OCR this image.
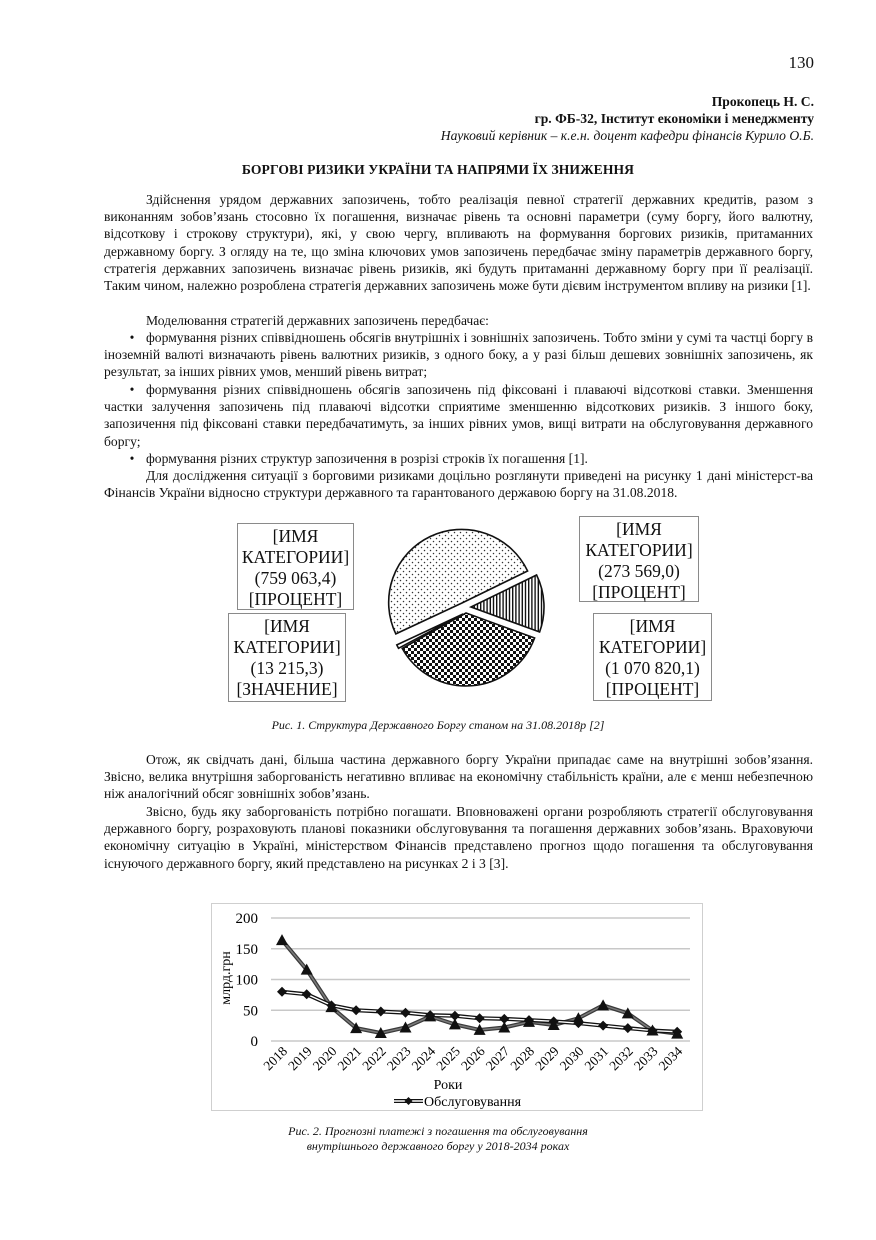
130
Прокопець Н. С.
гр. ФБ-32, Інститут економіки і менеджменту
Науковий керівник – к.е.н. доцент кафедри фінансів Курило О.Б.
БОРГОВІ РИЗИКИ УКРАЇНИ ТА НАПРЯМИ ЇХ ЗНИЖЕННЯ
Здійснення урядом державних запозичень, тобто реалізація певної стратегії державних кредитів, разом з виконанням зобов’язань стосовно їх погашення, визначає рівень та основні параметри (суму боргу, його валютну, відсоткову і строкову структури), які, у свою чергу, впливають на формування боргових ризиків, притаманних державному боргу. З огляду на те, що зміна ключових умов запозичень передбачає зміну параметрів державного боргу, стратегія державних запозичень визначає рівень ризиків, які будуть притаманні державному боргу при її реалізації. Таким чином, належно розроблена стратегія державних запозичень може бути дієвим інструментом впливу на ризики [1].
Моделювання стратегій державних запозичень передбачає:
• формування різних співвідношень обсягів внутрішніх і зовнішніх запозичень. Тобто зміни у сумі та частці боргу в іноземній валюті визначають рівень валютних ризиків, з одного боку, а у разі більш дешевих зовнішніх запозичень, як результат, за інших рівних умов, менший рівень витрат;
• формування різних співвідношень обсягів запозичень під фіксовані і плаваючі відсоткові ставки. Зменшення частки залучення запозичень під плаваючі відсотки сприятиме зменшенню відсоткових ризиків. З іншого боку, запозичення під фіксовані ставки передбачатимуть, за інших рівних умов, вищі витрати на обслуговування державного боргу;
• формування різних структур запозичення в розрізі строків їх погашення [1].
Для дослідження ситуації з борговими ризиками доцільно розглянути приведені на рисунку 1 дані міністерст-ва Фінансів України відносно структури державного та гарантованого державою боргу на 31.08.2018.
[ИМЯ
КАТЕГОРИИ]
(759 063,4)
[ПРОЦЕНТ]
[ИМЯ
КАТЕГОРИИ]
(13 215,3)
[ЗНАЧЕНИЕ]
[ИМЯ
КАТЕГОРИИ]
(273 569,0)
[ПРОЦЕНТ]
[ИМЯ
КАТЕГОРИИ]
(1 070 820,1)
[ПРОЦЕНТ]
Рис. 1. Структура Державного Боргу станом на 31.08.2018р [2]
Отож, як свідчать дані, більша частина державного боргу України припадає саме на внутрішні зобов’язання. Звісно, велика внутрішня заборгованість негативно впливає на економічну стабільність країни, але є менш небезпечною ніж аналогічний обсяг зовнішніх зобов’язань.
Звісно, будь яку заборгованість потрібно погашати. Вповноважені органи розробляють стратегії обслуговування державного боргу, розраховують планові показники обслуговування та погашення державних зобов’язань. Враховуючи економічну ситуацію в Україні, міністерством Фінансів представлено прогноз щодо погашення та обслуговування існуючого державного боргу, який представлено на рисунках 2 і 3 [3].
0
50
100
150
200
2018
2019
2020
2021
2022
2023
2024
2025
2026
2027
2028
2029
2030
2031
2032
2033
2034
млрд.грн
Роки
Обслуговування
Рис. 2. Прогнозні платежі з погашення та обслуговування
внутрішнього державного боргу у 2018-2034 роках
